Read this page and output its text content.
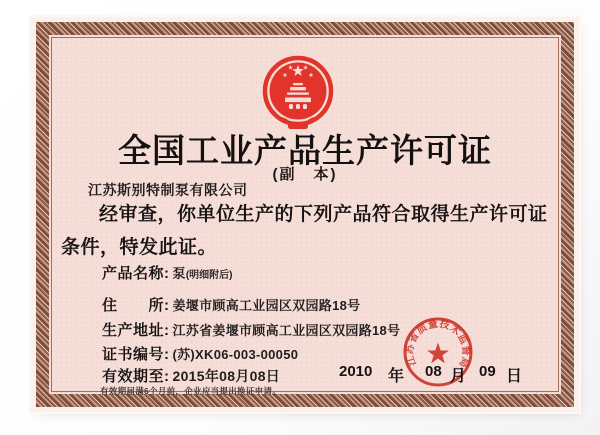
全国工业产品生产许可证
(副　本)
江苏斯别特制泵有限公司
经审查，你单位生产的下列产品符合取得生产许可证条件，特发此证。
产品名称: 泵(明细附后)
住　　所: 姜堰市顾高工业园区双园路18号
生产地址: 江苏省姜堰市顾高工业园区双园路18号
证书编号: (苏)XK06-003-00050
有效期至: 2015年08月08日
有效期届满6个月前，企业应当提出换证申请。
2010 年 08 月 09 日
江苏省质量技术监督局
